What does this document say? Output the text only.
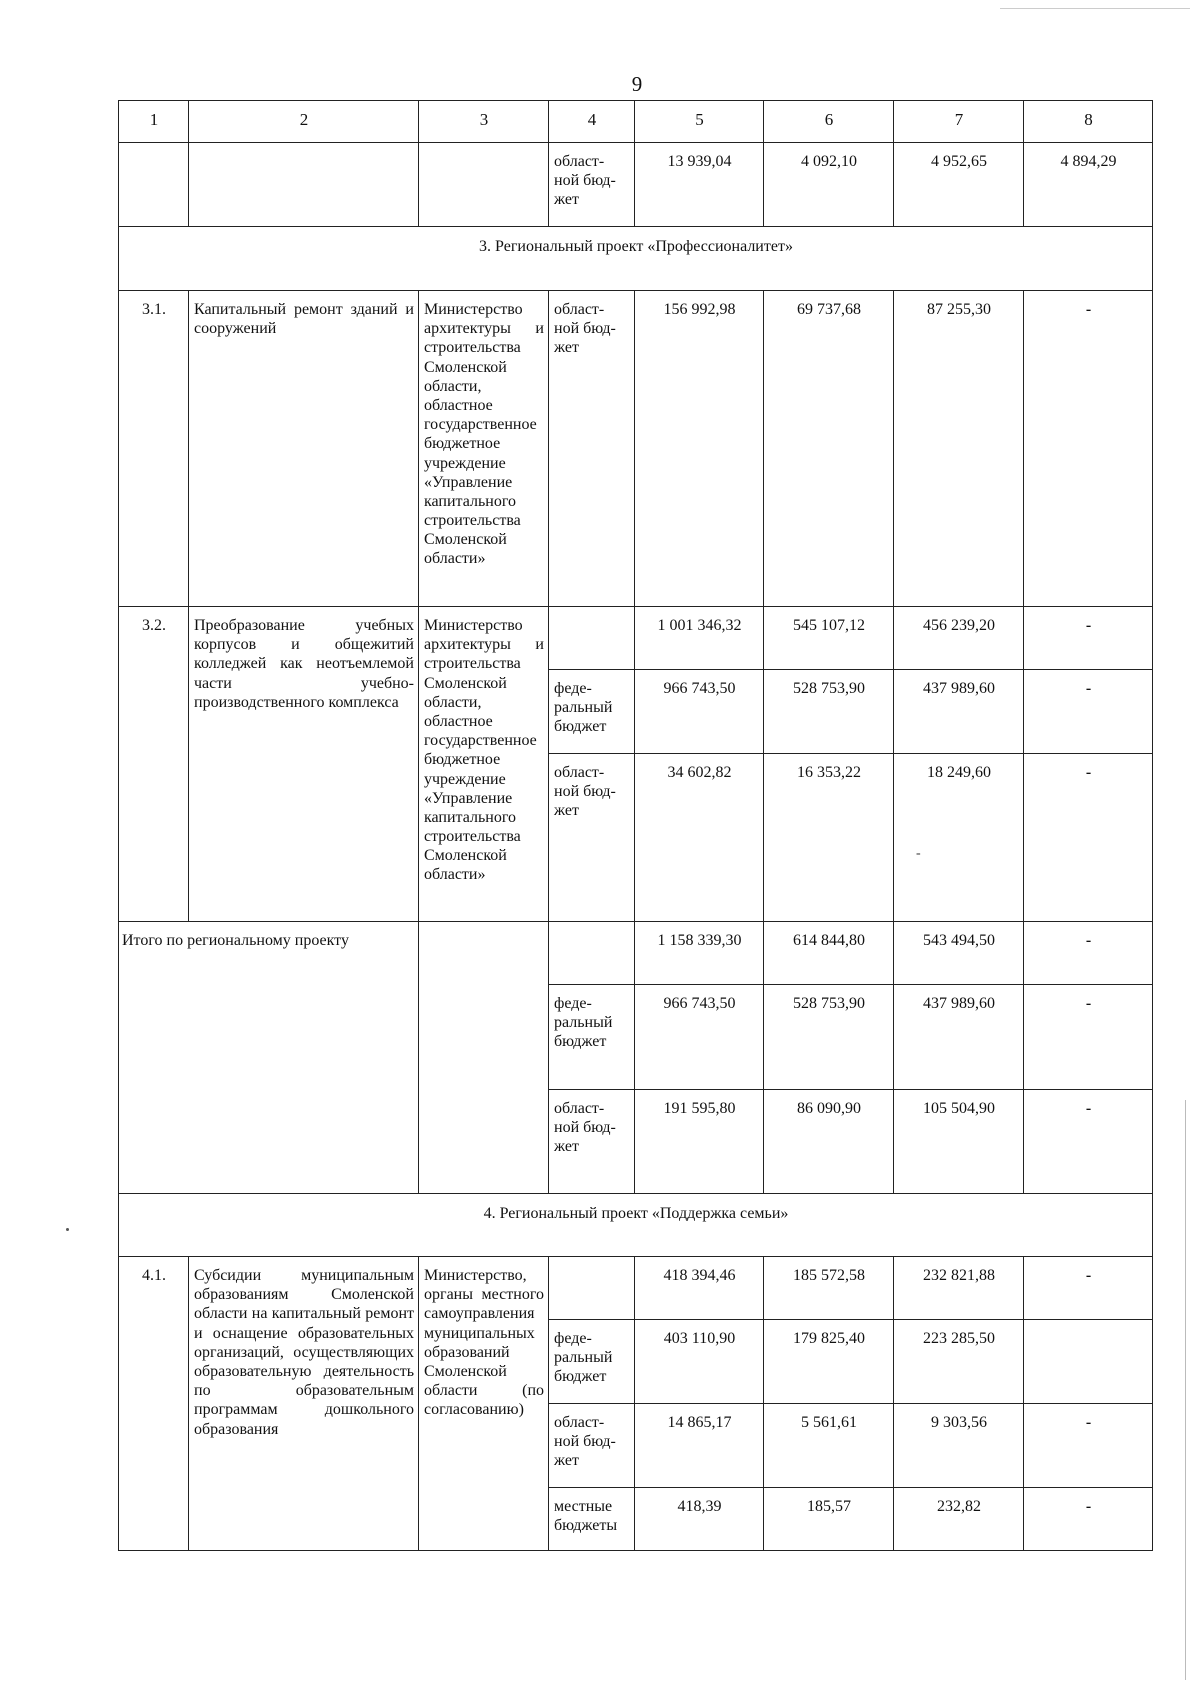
9
1	2	3	4	5	6	7	8
			област-
ной бюд-
жет	13 939,04	4 092,10	4 952,65	4 894,29
3. Региональный проект «Профессионалитет»							
3.1.	Капитальный ремонт зданий и сооружений	Министерство архитектуры и строительства Смоленской области, областное государственное бюджетное учреждение «Управление капитального строительства Смоленской области»	област-
ной бюд-
жет	156 992,98	69 737,68	87 255,30	-
3.2.	Преобразование учебных корпусов и общежитий колледжей как неотъемлемой части учебно-производственного комплекса	Министерство архитектуры и строительства Смоленской области, областное государственное бюджетное учреждение «Управление капитального строительства Смоленской области»		1 001 346,32	545 107,12	456 239,20	-
			феде-
ральный
бюджет	966 743,50	528 753,90	437 989,60	-
			област-
ной бюд-
жет	34 602,82	16 353,22	18 249,60
-	-
Итого по региональному проекту				1 158 339,30	614 844,80	543 494,50	-
			феде-
ральный
бюджет	966 743,50	528 753,90	437 989,60	-
			област-
ной бюд-
жет	191 595,80	86 090,90	105 504,90	-
4. Региональный проект «Поддержка семьи»							
4.1.	Субсидии муниципальным образованиям Смоленской области на капитальный ремонт и оснащение образовательных организаций, осуществляющих образовательную деятельность по образовательным программам дошкольного образования	Министерство, органы местного самоуправления муниципальных образований Смоленской области (по согласованию)		418 394,46	185 572,58	232 821,88	-
			феде-
ральный
бюджет	403 110,90	179 825,40	223 285,50	
			област-
ной бюд-
жет	14 865,17	5 561,61	9 303,56	-
			местные
бюджеты	418,39	185,57	232,82	-
